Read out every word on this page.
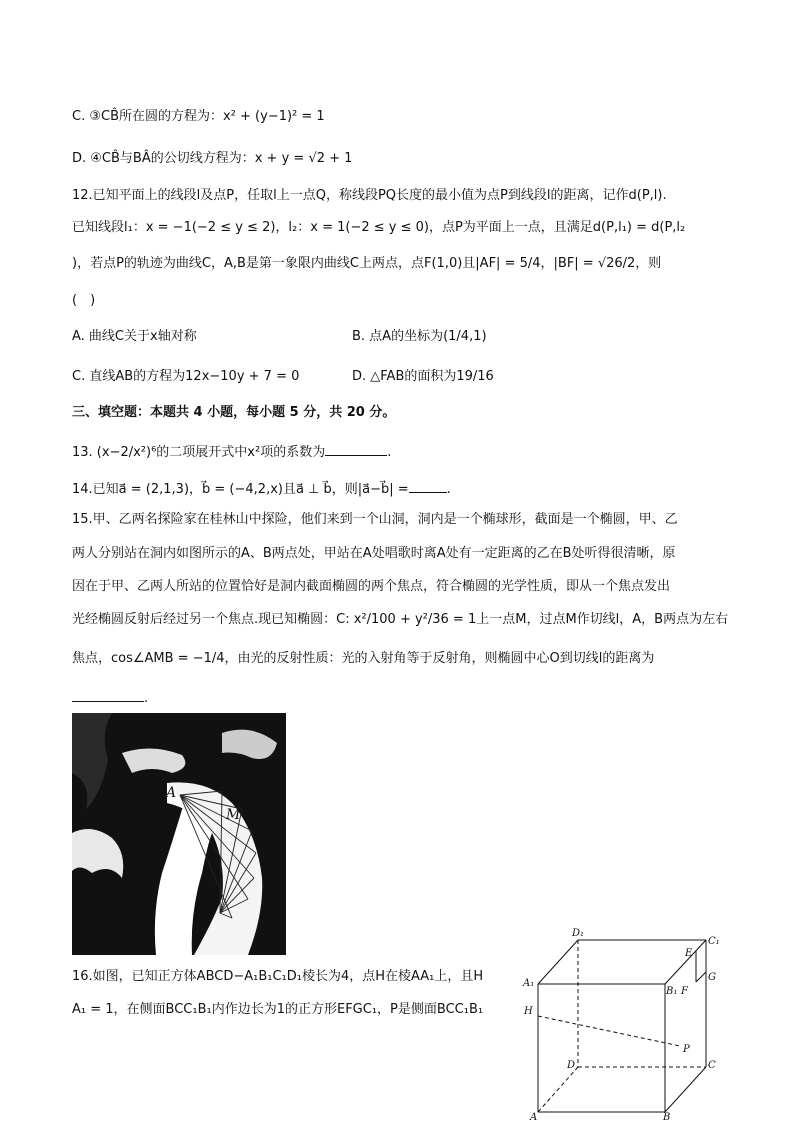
C. ③CB̂所在圆的方程为：x² + (y−1)² = 1
D. ④CB̂与BÂ的公切线方程为：x + y = √2 + 1
12.已知平面上的线段l及点P，任取l上一点Q，称线段PQ长度的最小值为点P到线段l的距离，记作d(P,l).
已知线段l₁：x = −1(−2 ≤ y ≤ 2)，l₂：x = 1(−2 ≤ y ≤ 0)，点P为平面上一点，且满足d(P,l₁) = d(P,l₂
)，若点P的轨迹为曲线C，A,B是第一象限内曲线C上两点，点F(1,0)且|AF| = 5/4，|BF| = √26/2，则
(　)
A. 曲线C关于x轴对称	B. 点A的坐标为(1/4,1)
C. 直线AB的方程为12x−10y + 7 = 0	D. △FAB的面积为19/16
三、填空题：本题共 4 小题，每小题 5 分，共 20 分。
13. (x−2/x²)⁶的二项展开式中x²项的系数为	.
14.已知a⃗ = (2,1,3)，b⃗ = (−4,2,x)且a⃗ ⊥ b⃗，则|a⃗−b⃗| =	.
15.甲、乙两名探险家在桂林山中探险，他们来到一个山洞，洞内是一个椭球形，截面是一个椭圆，甲、乙
两人分别站在洞内如图所示的A、B两点处，甲站在A处唱歌时离A处有一定距离的乙在B处听得很清晰，原
因在于甲、乙两人所站的位置恰好是洞内截面椭圆的两个焦点，符合椭圆的光学性质，即从一个焦点发出
光经椭圆反射后经过另一个焦点.现已知椭圆：C: x²/100 + y²/36 = 1上一点M，过点M作切线l，A，B两点为左右
焦点，cos∠AMB = −1/4，由光的反射性质：光的入射角等于反射角，则椭圆中心O到切线l的距离为
.
A
M
B
D₁
C₁
E
A₁
B₁ F
G
H
P
D	C
A	B
16.如图，已知正方体ABCD−A₁B₁C₁D₁棱长为4，点H在棱AA₁上，且H
A₁ = 1，在侧面BCC₁B₁内作边长为1的正方形EFGC₁，P是侧面BCC₁B₁
